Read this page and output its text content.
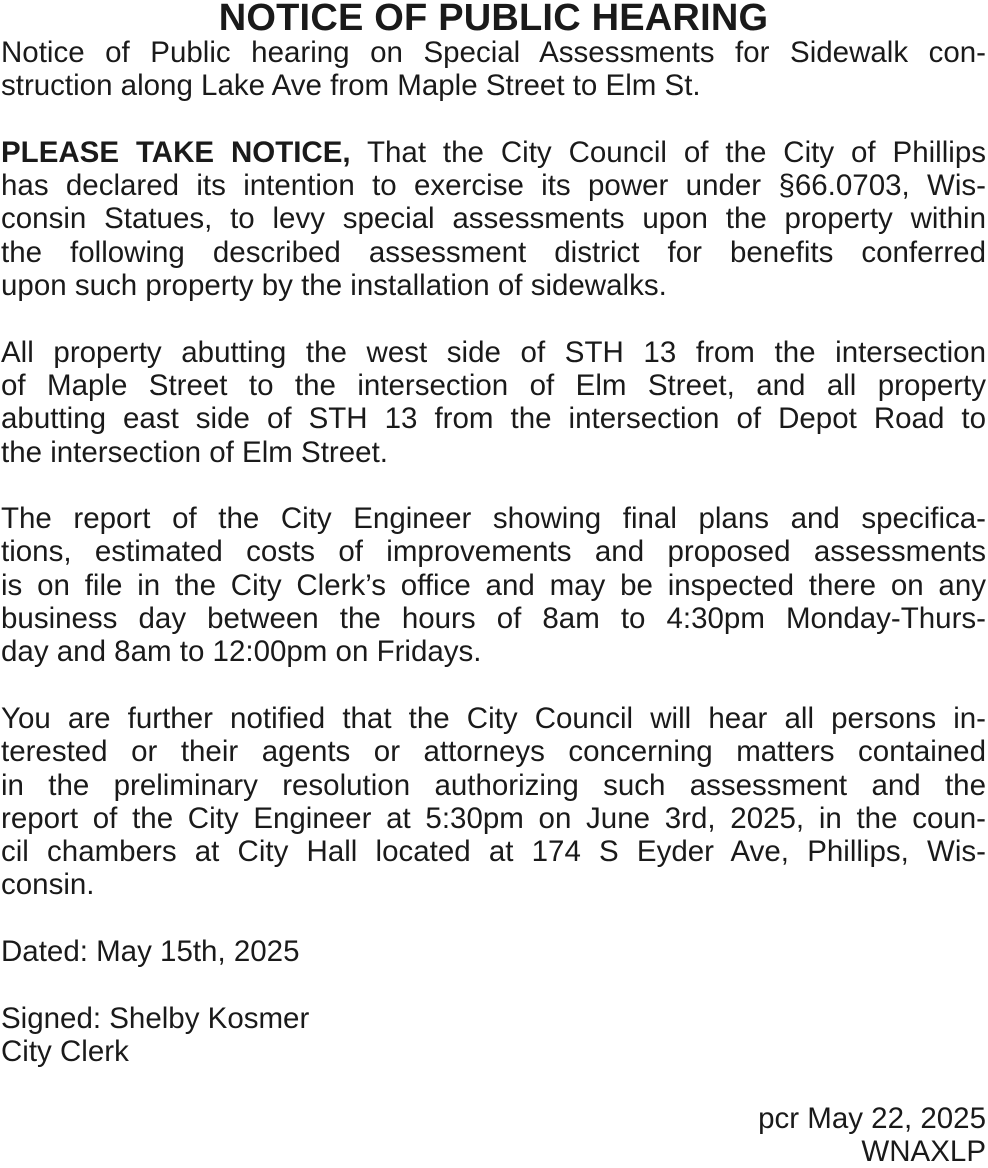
NOTICE OF PUBLIC HEARING

Notice of Public hearing on Special Assessments for Sidewalk con-
struction along Lake Ave from Maple Street to Elm St.

PLEASE TAKE NOTICE, That the City Council of the City of Phillips
has declared its intention to exercise its power under §66.0703, Wis-
consin Statues, to levy special assessments upon the property within
the following described assessment district for benefits conferred
upon such property by the installation of sidewalks.

All property abutting the west side of STH 13 from the intersection
of Maple Street to the intersection of Elm Street, and all property
abutting east side of STH 13 from the intersection of Depot Road to
the intersection of Elm Street.

The report of the City Engineer showing final plans and specifica-
tions, estimated costs of improvements and proposed assessments
is on file in the City Clerk’s office and may be inspected there on any
business day between the hours of 8am to 4:30pm Monday-Thurs-
day and 8am to 12:00pm on Fridays.

You are further notified that the City Council will hear all persons in-
terested or their agents or attorneys concerning matters contained
in the preliminary resolution authorizing such assessment and the
report of the City Engineer at 5:30pm on June 3rd, 2025, in the coun-
cil chambers at City Hall located at 174 S Eyder Ave, Phillips, Wis-
consin.

Dated: May 15th, 2025

Signed: Shelby Kosmer
City Clerk

pcr May 22, 2025
WNAXLP
